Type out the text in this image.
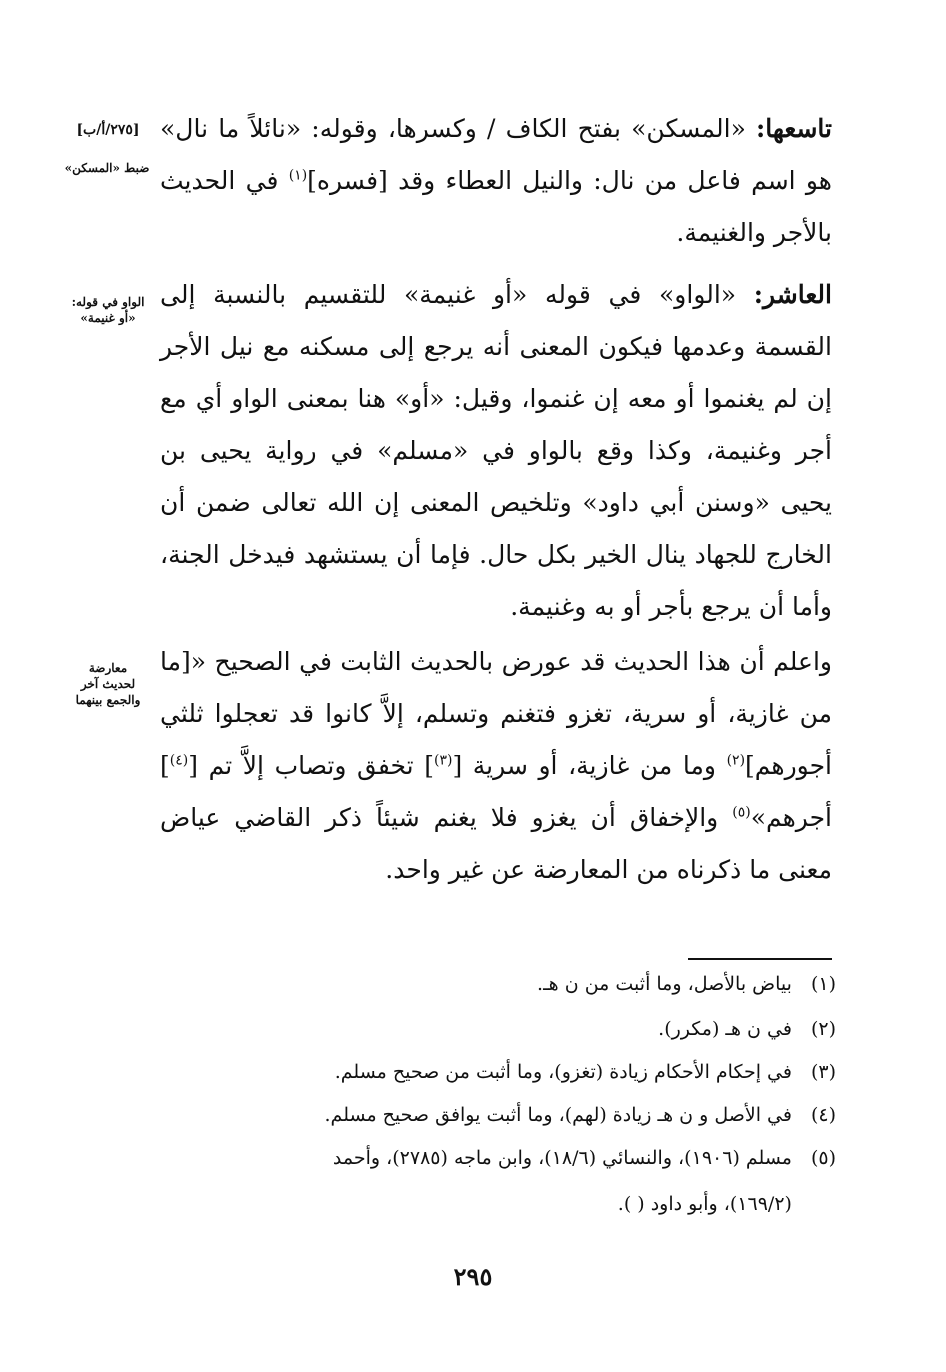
تاسعها: «المسكن» بفتح الكاف / وكسرها، وقوله: «نائلاً ما نال» هو اسم فاعل من نال: والنيل العطاء وقد [فسره]$^{(١)}$ في الحديث بالأجر والغنيمة.
العاشر: «الواو» في قوله «أو غنيمة» للتقسيم بالنسبة إلى القسمة وعدمها فيكون المعنى أنه يرجع إلى مسكنه مع نيل الأجر إن لم يغنموا أو معه إن غنموا، وقيل: «أو» هنا بمعنى الواو أي مع أجر وغنيمة، وكذا وقع بالواو في «مسلم» في رواية يحيى بن يحيى «وسنن أبي داود» وتلخيص المعنى إن الله تعالى ضمن أن الخارج للجهاد ينال الخير بكل حال. فإما أن يستشهد فيدخل الجنة، وأما أن يرجع بأجر أو به وغنيمة.
واعلم أن هذا الحديث قد عورض بالحديث الثابت في الصحيح «[ما من غازية، أو سرية، تغزو فتغنم وتسلم، إلاَّ كانوا قد تعجلوا ثلثي أجورهم]$^{(٢)}$ وما من غازية، أو سرية [$^{(٣)}$] تخفق وتصاب إلاَّ تم [$^{(٤)}$] أجرهم»$^{(٥)}$ والإخفاق أن يغزو فلا يغنم شيئاً ذكر القاضي عياض معنى ما ذكرناه من المعارضة عن غير واحد.
[٢٧٥/أ/ب]
ضبط «المسكن»
الواو في قوله:
«أو غنيمة»
معارضة
لحديث آخر
والجمع بينهما
(١) بياض بالأصل، وما أثبت من ن هـ.
(٢) في ن هـ (مكرر).
(٣) في إحكام الأحكام زيادة (تغزو)، وما أثبت من صحيح مسلم.
(٤) في الأصل و ن هـ زيادة (لهم)، وما أثبت يوافق صحيح مسلم.
(٥) مسلم (١٩٠٦)، والنسائي (١٨/٦)، وابن ماجه (٢٧٨٥)، وأحمد
(١٦٩/٢)، وأبو داود ( ).
٢٩٥
